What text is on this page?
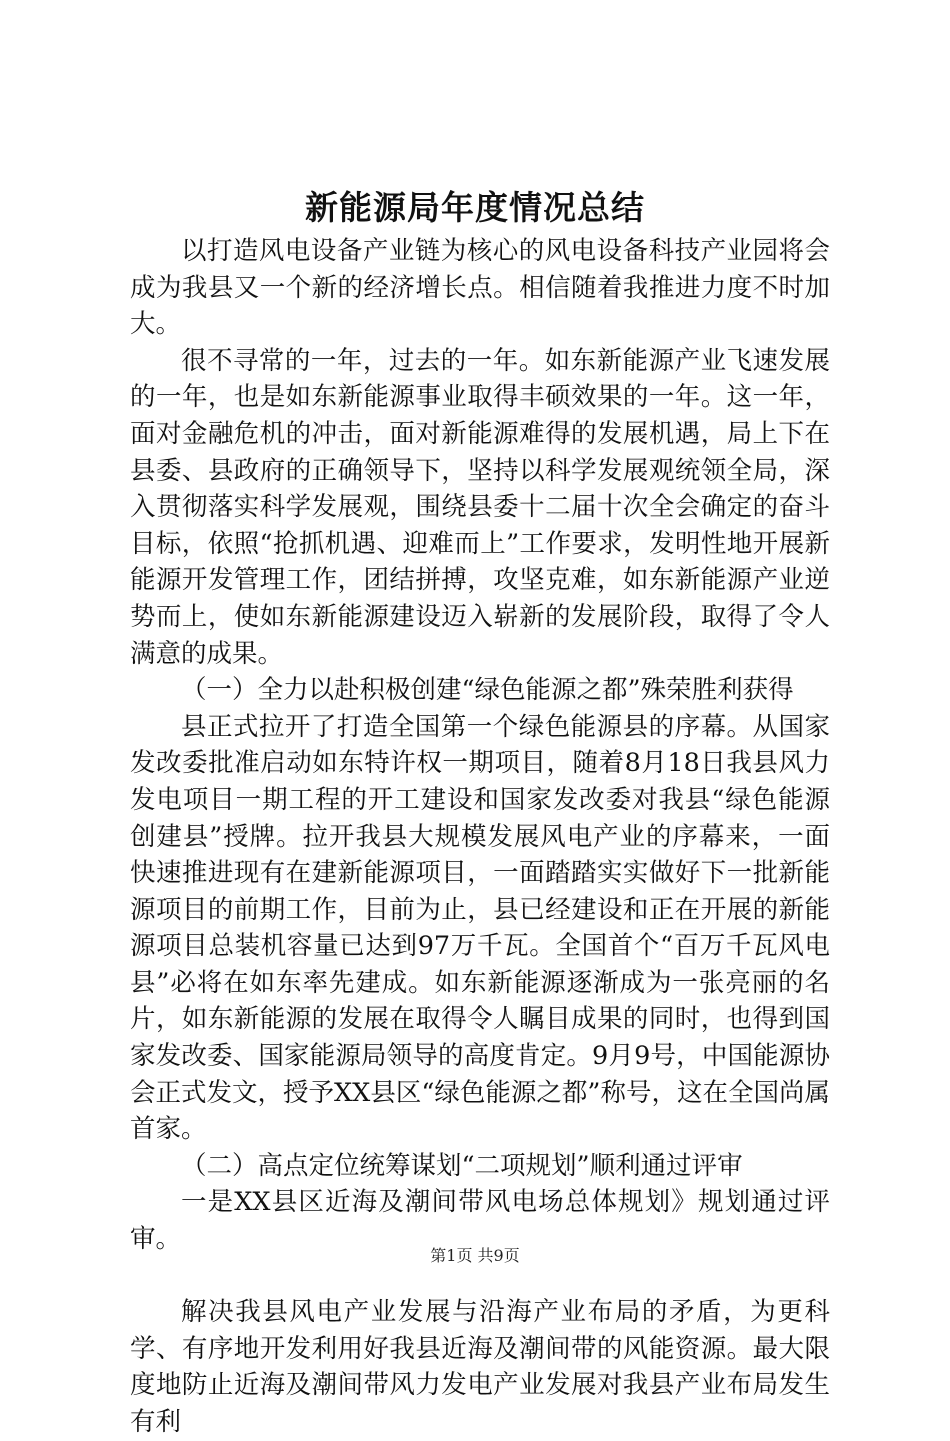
新能源局年度情况总结

以打造风电设备产业链为核心的风电设备科技产业园将会成为我县又一个新的经济增长点。相信随着我推进力度不时加大。

很不寻常的一年，过去的一年。如东新能源产业飞速发展的一年，也是如东新能源事业取得丰硕效果的一年。这一年，面对金融危机的冲击，面对新能源难得的发展机遇，局上下在县委、县政府的正确领导下，坚持以科学发展观统领全局，深入贯彻落实科学发展观，围绕县委十二届十次全会确定的奋斗目标，依照“抢抓机遇、迎难而上”工作要求，发明性地开展新能源开发管理工作，团结拼搏，攻坚克难，如东新能源产业逆势而上，使如东新能源建设迈入崭新的发展阶段，取得了令人满意的成果。

（一）全力以赴积极创建“绿色能源之都”殊荣胜利获得

县正式拉开了打造全国第一个绿色能源县的序幕。从国家发改委批准启动如东特许权一期项目，随着8月18日我县风力发电项目一期工程的开工建设和国家发改委对我县“绿色能源创建县”授牌。拉开我县大规模发展风电产业的序幕来，一面快速推进现有在建新能源项目，一面踏踏实实做好下一批新能源项目的前期工作，目前为止，县已经建设和正在开展的新能源项目总装机容量已达到97万千瓦。全国首个“百万千瓦风电县”必将在如东率先建成。如东新能源逐渐成为一张亮丽的名片，如东新能源的发展在取得令人瞩目成果的同时，也得到国家发改委、国家能源局领导的高度肯定。9月9号，中国能源协会正式发文，授予XX县区“绿色能源之都”称号，这在全国尚属首家。

（二）高点定位统筹谋划“二项规划”顺利通过评审

一是XX县区近海及潮间带风电场总体规划》规划通过评审。

解决我县风电产业发展与沿海产业布局的矛盾，为更科学、有序地开发利用好我县近海及潮间带的风能资源。最大限度地防止近海及潮间带风力发电产业发展对我县产业布局发生有利

第1页 共9页
